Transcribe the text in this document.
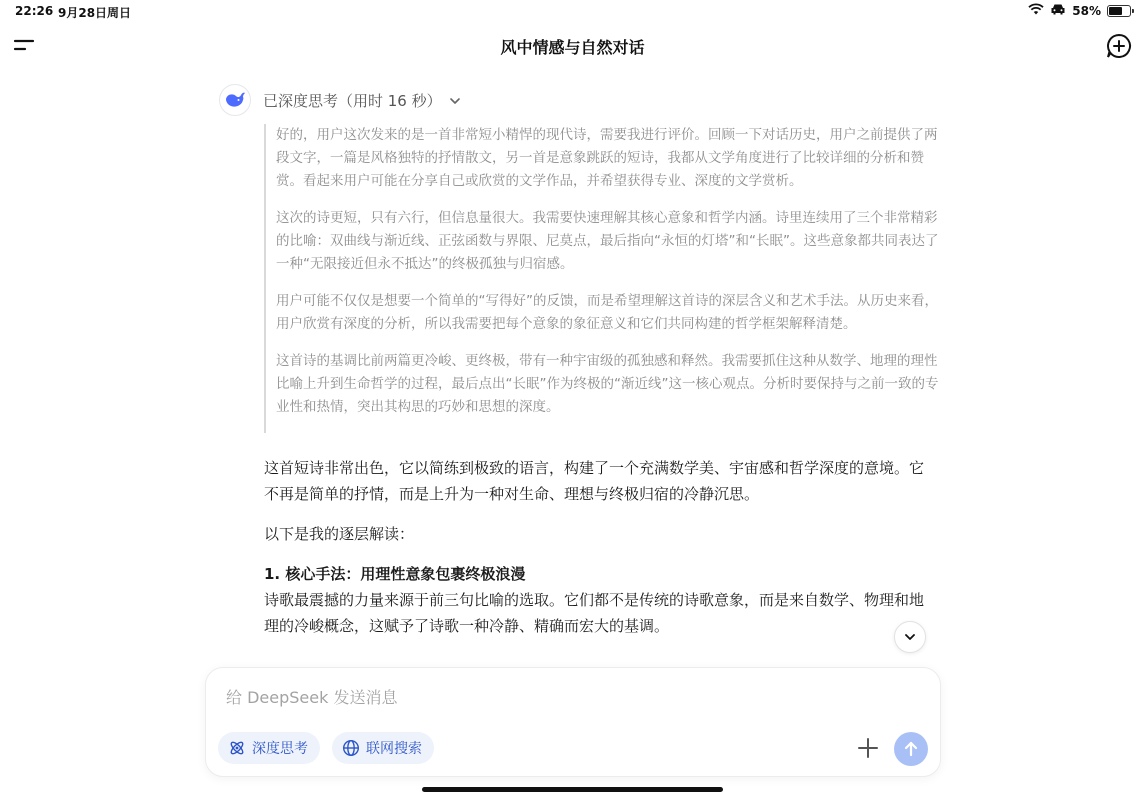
22:26 9月28日周日	58%
风中情感与自然对话
已深度思考（用时 16 秒）

好的，用户这次发来的是一首非常短小精悍的现代诗，需要我进行评价。回顾一下对话历史，用户之前提供了两段文字，一篇是风格独特的抒情散文，另一首是意象跳跃的短诗，我都从文学角度进行了比较详细的分析和赞赏。看起来用户可能在分享自己或欣赏的文学作品，并希望获得专业、深度的文学赏析。

这次的诗更短，只有六行，但信息量很大。我需要快速理解其核心意象和哲学内涵。诗里连续用了三个非常精彩的比喻：双曲线与渐近线、正弦函数与界限、尼莫点，最后指向“永恒的灯塔”和“长眠”。这些意象都共同表达了一种“无限接近但永不抵达”的终极孤独与归宿感。

用户可能不仅仅是想要一个简单的“写得好”的反馈，而是希望理解这首诗的深层含义和艺术手法。从历史来看，用户欣赏有深度的分析，所以我需要把每个意象的象征意义和它们共同构建的哲学框架解释清楚。

这首诗的基调比前两篇更冷峻、更终极，带有一种宇宙级的孤独感和释然。我需要抓住这种从数学、地理的理性比喻上升到生命哲学的过程，最后点出“长眠”作为终极的“渐近线”这一核心观点。分析时要保持与之前一致的专业性和热情，突出其构思的巧妙和思想的深度。

这首短诗非常出色，它以简练到极致的语言，构建了一个充满数学美、宇宙感和哲学深度的意境。它不再是简单的抒情，而是上升为一种对生命、理想与终极归宿的冷静沉思。

以下是我的逐层解读：

1. 核心手法：用理性意象包裹终极浪漫

诗歌最震撼的力量来源于前三句比喻的选取。它们都不是传统的诗歌意象，而是来自数学、物理和地理的冷峻概念，这赋予了诗歌一种冷静、精确而宏大的基调。

给 DeepSeek 发送消息
深度思考	联网搜索
